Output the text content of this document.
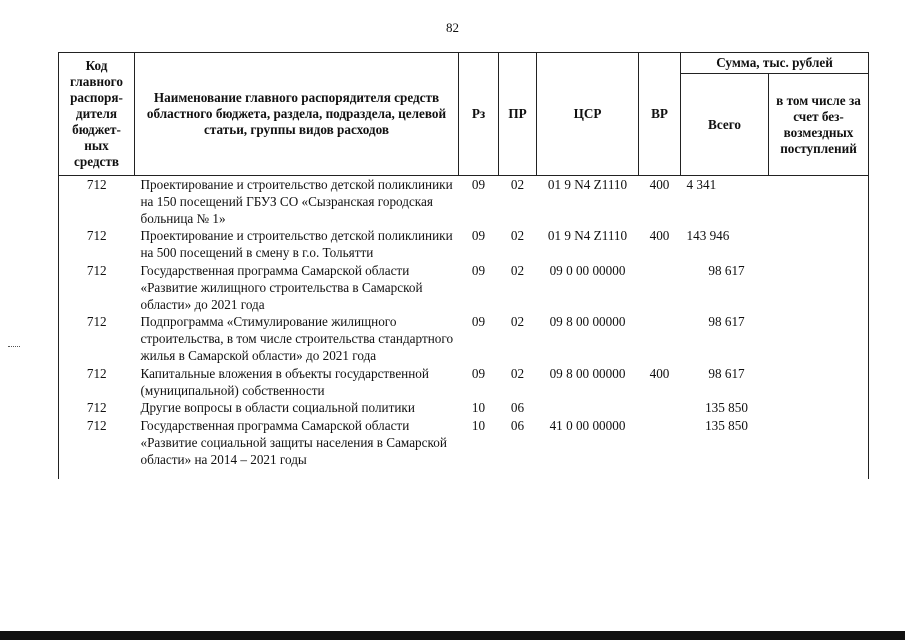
82
Код главного распоря-дителя бюджет-ных средств	Наименование главного распорядителя средств областного бюджета, раздела, подраздела, целевой статьи, группы видов расходов	Рз	ПР	ЦСР	ВР	Сумма, тыс. рублей	
						Всего	в том числе за счет без-возмездных поступлений
712	Проектирование и строительство детской поликлиники на 150 посещений ГБУЗ СО «Сызранская городская больница № 1»	09	02	01 9 N4 Z1110	400	4 341	
712	Проектирование и строительство детской поликлиники на 500 посещений в смену в г.о. Тольятти	09	02	01 9 N4 Z1110	400	143 946	
712	Государственная программа Самарской области «Развитие жилищного строительства в Самарской области» до 2021 года	09	02	09 0 00 00000		98 617	
712	Подпрограмма «Стимулирование жилищного строительства, в том числе строительства стандартного жилья в Самарской области» до 2021 года	09	02	09 8 00 00000		98 617	
712	Капитальные вложения в объекты государственной (муниципальной) собственности	09	02	09 8 00 00000	400	98 617	
712	Другие вопросы в области социальной политики	10	06			135 850	
712	Государственная программа Самарской области «Развитие социальной защиты населения в Самарской области» на 2014 – 2021 годы	10	06	41 0 00 00000		135 850	
